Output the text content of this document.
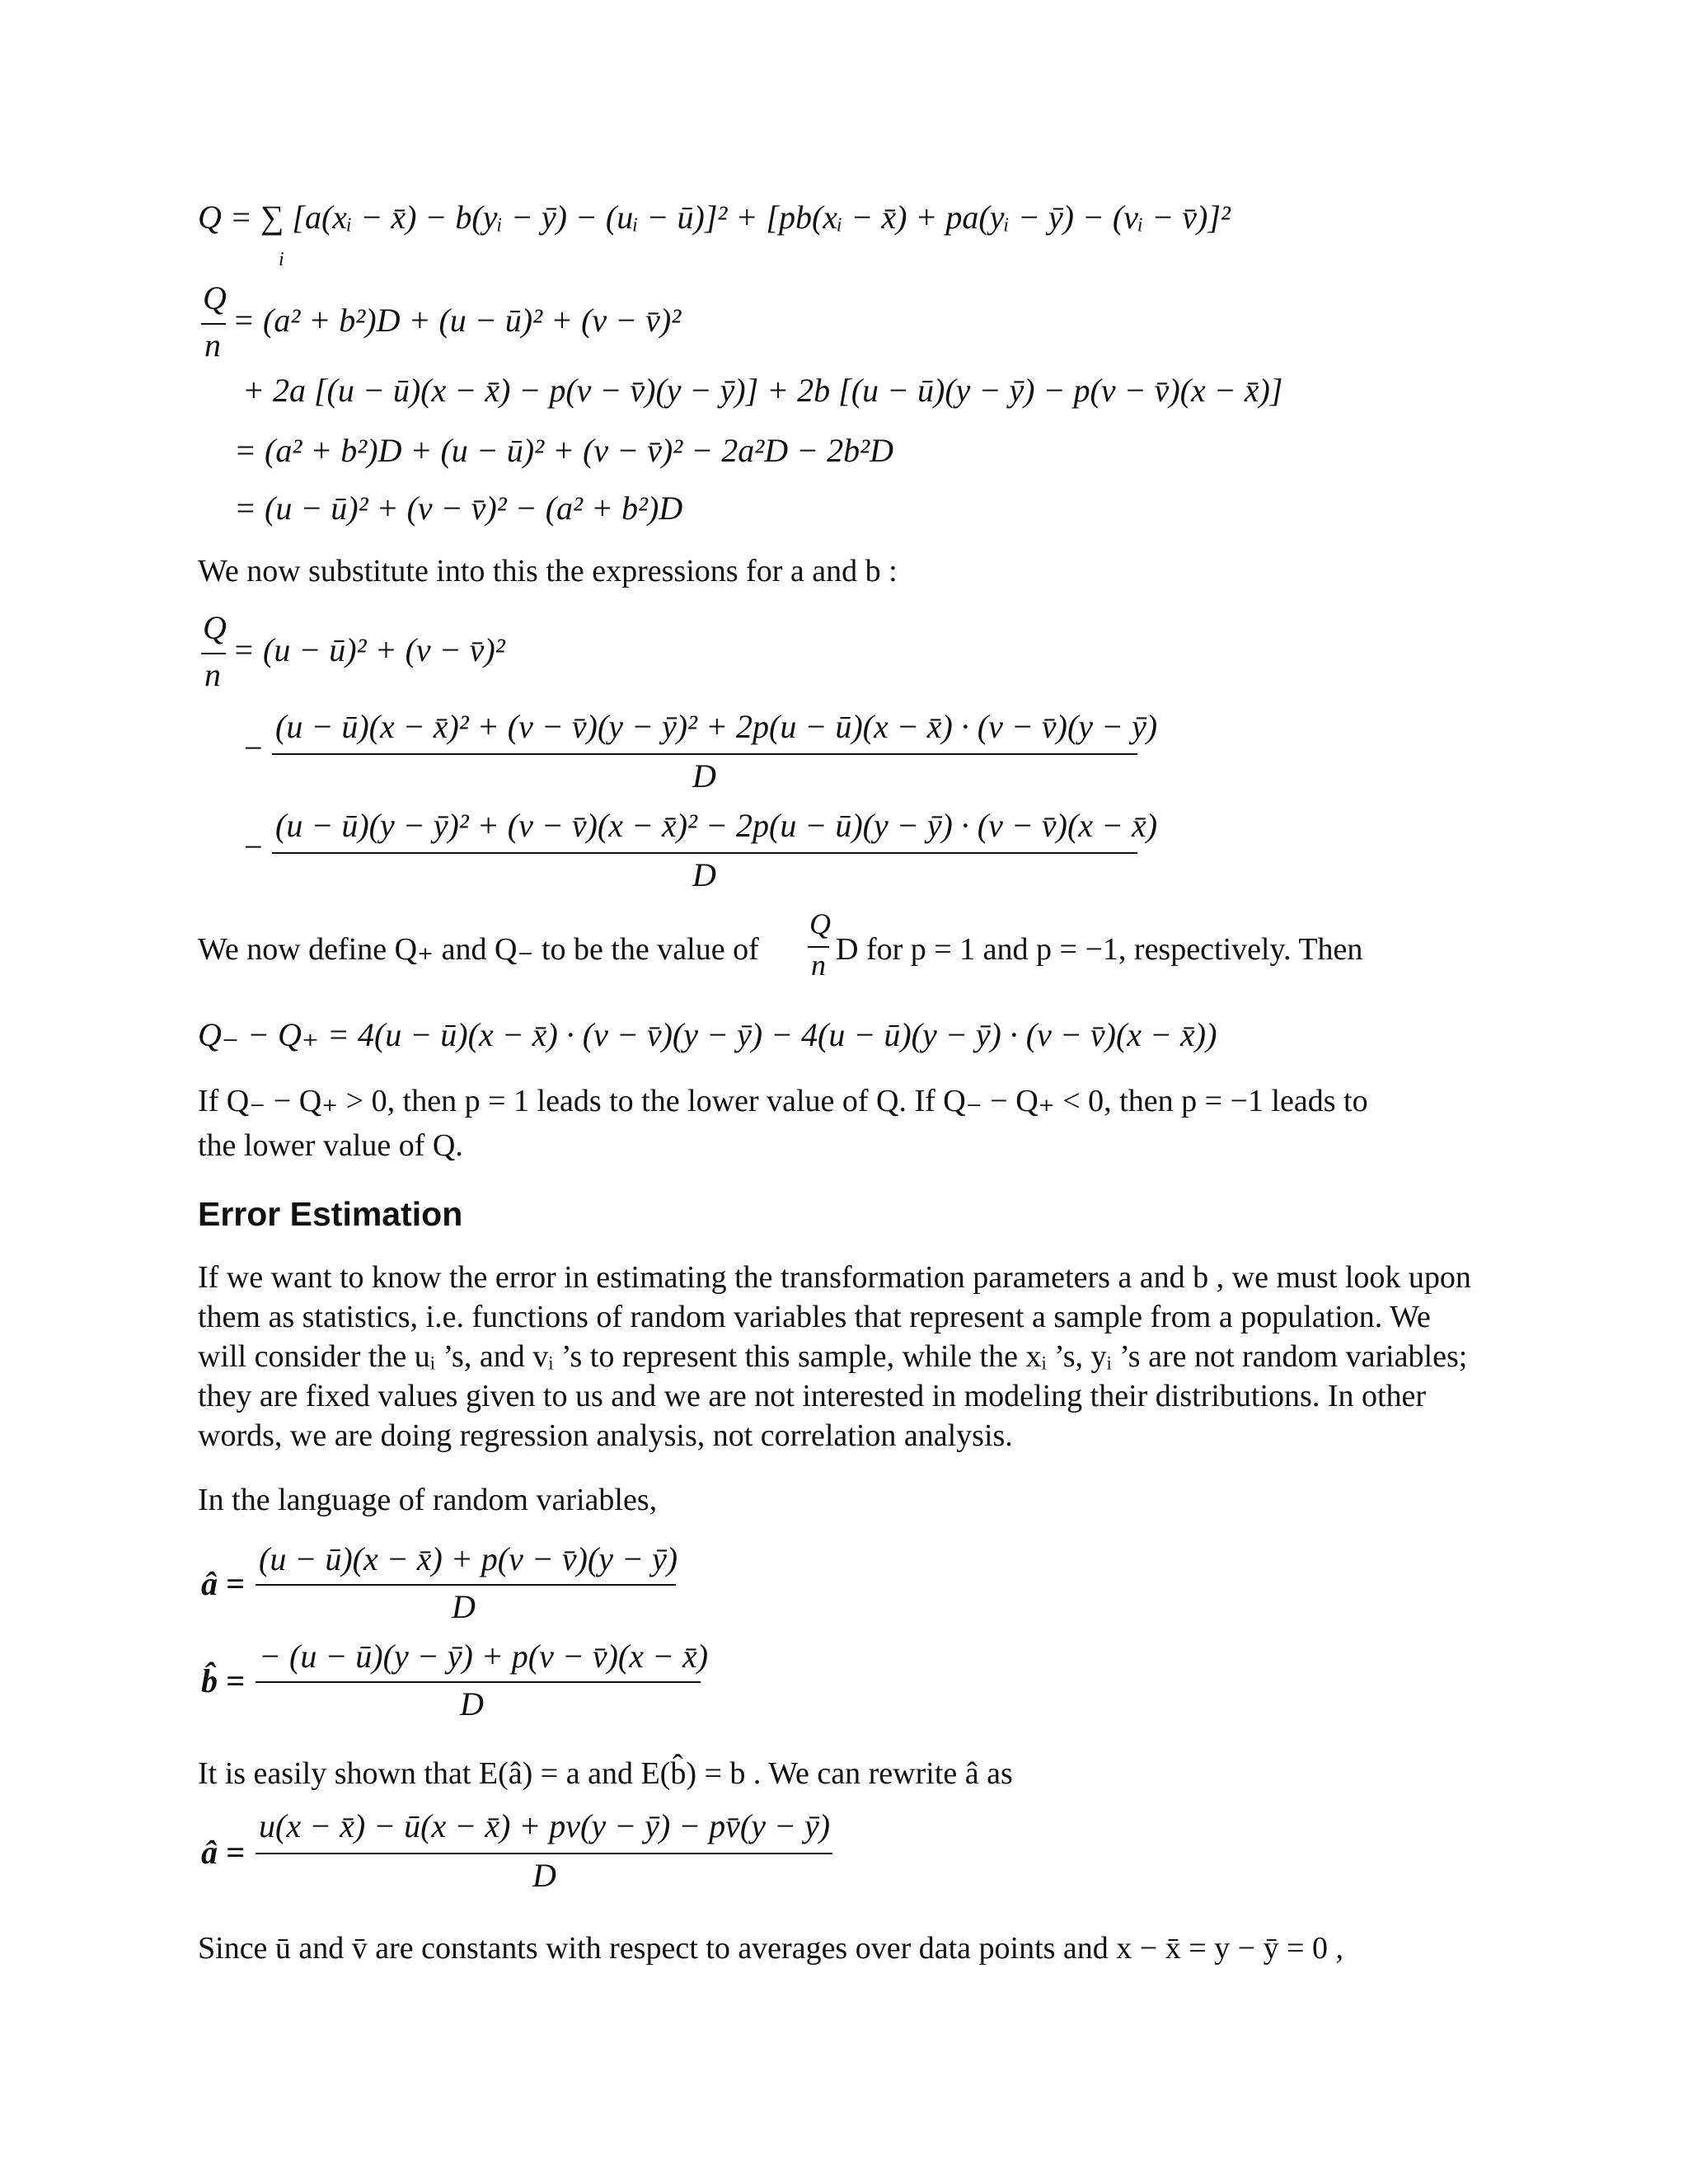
Q = ∑ [a(xᵢ − x̄) − b(yᵢ − ȳ) − (uᵢ − ū)]² + [pb(xᵢ − x̄) + pa(yᵢ − ȳ) − (vᵢ − v̄)]²
i
Q
n
= (a² + b²)D + (u − ū)² + (v − v̄)²
+ 2a [(u − ū)(x − x̄) − p(v − v̄)(y − ȳ)] + 2b [(u − ū)(y − ȳ) − p(v − v̄)(x − x̄)]
= (a² + b²)D + (u − ū)² + (v − v̄)² − 2a²D − 2b²D
= (u − ū)² + (v − v̄)² − (a² + b²)D
We now substitute into this the expressions for a and b :
Q
n
= (u − ū)² + (v − v̄)²
−
(u − ū)(x − x̄)² + (v − v̄)(y − ȳ)² + 2p(u − ū)(x − x̄) · (v − v̄)(y − ȳ)
D
−
(u − ū)(y − ȳ)² + (v − v̄)(x − x̄)² − 2p(u − ū)(y − ȳ) · (v − v̄)(x − x̄)
D
We now define Q₊ and Q₋ to be the value of
Q
n D for p = 1 and p = −1, respectively. Then
Q₋ − Q₊ = 4(u − ū)(x − x̄) · (v − v̄)(y − ȳ) − 4(u − ū)(y − ȳ) · (v − v̄)(x − x̄))
If Q₋ − Q₊ > 0, then p = 1 leads to the lower value of Q. If Q₋ − Q₊ < 0, then p = −1 leads to
the lower value of Q.
Error Estimation
If we want to know the error in estimating the transformation parameters a and b , we must look upon them as statistics, i.e. functions of random variables that represent a sample from a population. We will consider the uᵢ ’s, and vᵢ ’s to represent this sample, while the xᵢ ’s, yᵢ ’s are not random variables; they are fixed values given to us and we are not interested in modeling their distributions. In other words, we are doing regression analysis, not correlation analysis.
In the language of random variables,
â =
(u − ū)(x − x̄) + p(v − v̄)(y − ȳ)
D
b̂ =
− (u − ū)(y − ȳ) + p(v − v̄)(x − x̄)
D
It is easily shown that E(â) = a and E(b̂) = b . We can rewrite â as
â =
u(x − x̄) − ū(x − x̄) + pv(y − ȳ) − pv̄(y − ȳ)
D
Since ū and v̄ are constants with respect to averages over data points and x − x̄ = y − ȳ = 0 ,
